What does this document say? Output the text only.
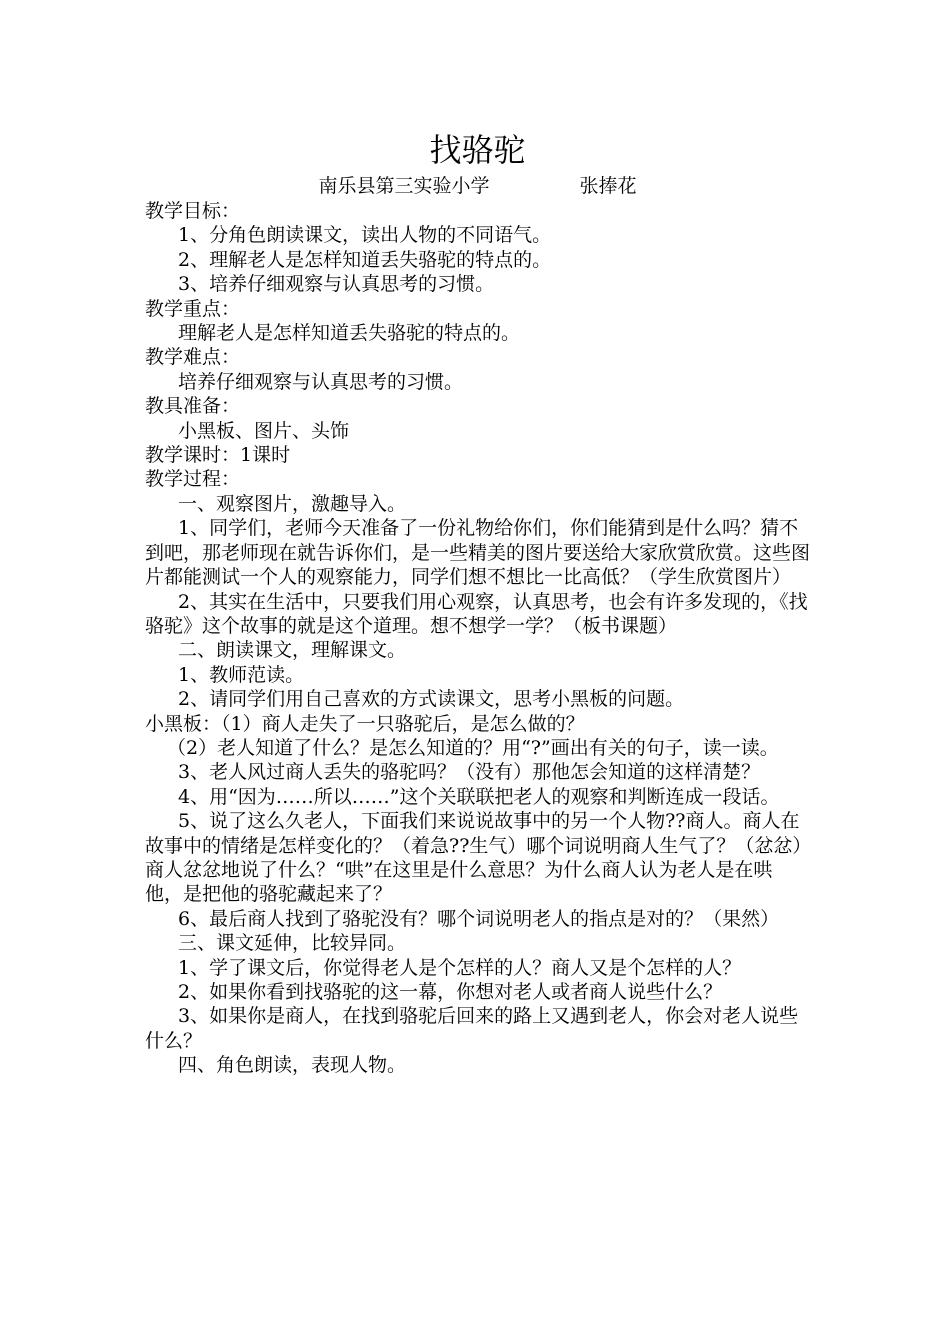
找骆驼
南乐县第三实验小学	张捧花

教学目标：

1、分角色朗读课文，读出人物的不同语气。

2、理解老人是怎样知道丢失骆驼的特点的。

3、培养仔细观察与认真思考的习惯。

教学重点：

理解老人是怎样知道丢失骆驼的特点的。

教学难点：

培养仔细观察与认真思考的习惯。

教具准备：

小黑板、图片、头饰

教学课时：1课时

教学过程：

一、观察图片，激趣导入。

1、同学们，老师今天准备了一份礼物给你们，你们能猜到是什么吗？猜不到吧，那老师现在就告诉你们，是一些精美的图片要送给大家欣赏欣赏。这些图片都能测试一个人的观察能力，同学们想不想比一比高低？（学生欣赏图片）

2、其实在生活中，只要我们用心观察，认真思考，也会有许多发现的，《找骆驼》这个故事的就是这个道理。想不想学一学？（板书课题）

二、朗读课文，理解课文。

1、教师范读。

2、请同学们用自己喜欢的方式读课文，思考小黑板的问题。

小黑板：（1）商人走失了一只骆驼后，是怎么做的？

（2）老人知道了什么？是怎么知道的？用“?”画出有关的句子，读一读。

3、老人风过商人丢失的骆驼吗？（没有）那他怎会知道的这样清楚？

4、用“因为……所以……”这个关联联把老人的观察和判断连成一段话。

5、说了这么久老人，下面我们来说说故事中的另一个人物??商人。商人在故事中的情绪是怎样变化的？（着急??生气）哪个词说明商人生气了？（忿忿）商人忿忿地说了什么？“哄”在这里是什么意思？为什么商人认为老人是在哄他，是把他的骆驼藏起来了？

6、最后商人找到了骆驼没有？哪个词说明老人的指点是对的？（果然）

三、课文延伸，比较异同。

1、学了课文后，你觉得老人是个怎样的人？商人又是个怎样的人？

2、如果你看到找骆驼的这一幕，你想对老人或者商人说些什么？

3、如果你是商人，在找到骆驼后回来的路上又遇到老人，你会对老人说些什么？

四、角色朗读，表现人物。
